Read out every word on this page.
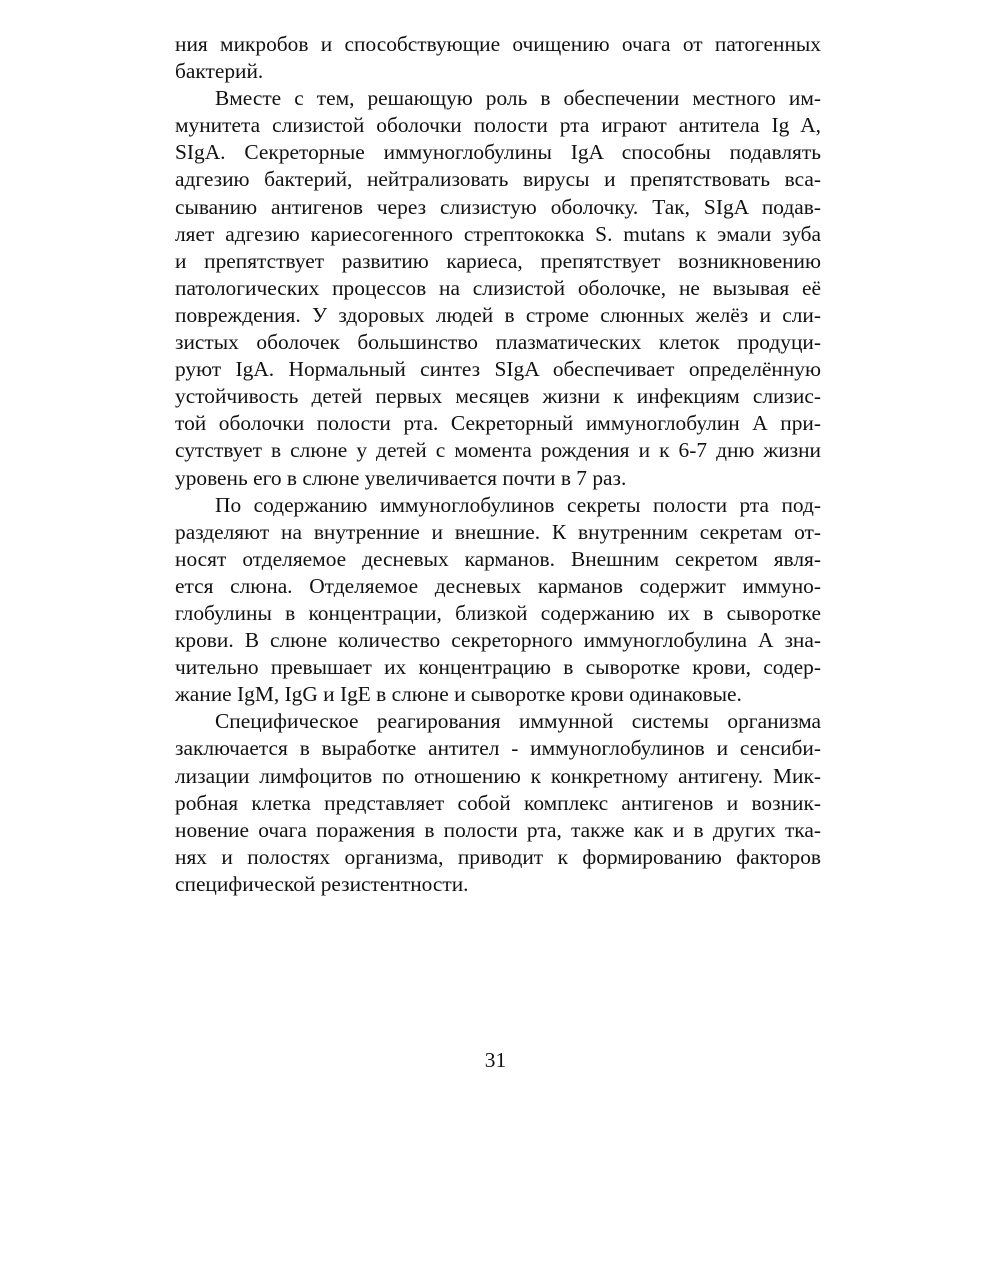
ния микробов и способствующие очищению очага от патогенных
бактерий.
Вместе с тем, решающую роль в обеспечении местного им-
мунитета слизистой оболочки полости рта играют антитела Ig A,
SIgA. Секреторные иммуноглобулины IgA способны подавлять
адгезию бактерий, нейтрализовать вирусы и препятствовать вса-
сыванию антигенов через слизистую оболочку. Так, SIgA подав-
ляет адгезию кариесогенного стрептококка S. mutans к эмали зуба
и препятствует развитию кариеса, препятствует возникновению
патологических процессов на слизистой оболочке, не вызывая её
повреждения. У здоровых людей в строме слюнных желёз и сли-
зистых оболочек большинство плазматических клеток продуци-
руют IgA. Нормальный синтез SIgA обеспечивает определённую
устойчивость детей первых месяцев жизни к инфекциям слизис-
той оболочки полости рта. Секреторный иммуноглобулин А при-
сутствует в слюне у детей с момента рождения и к 6-7 дню жизни
уровень его в слюне увеличивается почти в 7 раз.
По содержанию иммуноглобулинов секреты полости рта под-
разделяют на внутренние и внешние. К внутренним секретам от-
носят отделяемое десневых карманов. Внешним секретом явля-
ется слюна. Отделяемое десневых карманов содержит иммуно-
глобулины в концентрации, близкой содержанию их в сыворотке
крови. В слюне количество секреторного иммуноглобулина А зна-
чительно превышает их концентрацию в сыворотке крови, содер-
жание IgM, IgG и IgE в слюне и сыворотке крови одинаковые.
Специфическое реагирования иммунной системы организма
заключается в выработке антител - иммуноглобулинов и сенсиби-
лизации лимфоцитов по отношению к конкретному антигену. Мик-
робная клетка представляет собой комплекс антигенов и возник-
новение очага поражения в полости рта, также как и в других тка-
нях и полостях организма, приводит к формированию факторов
специфической резистентности.
31
